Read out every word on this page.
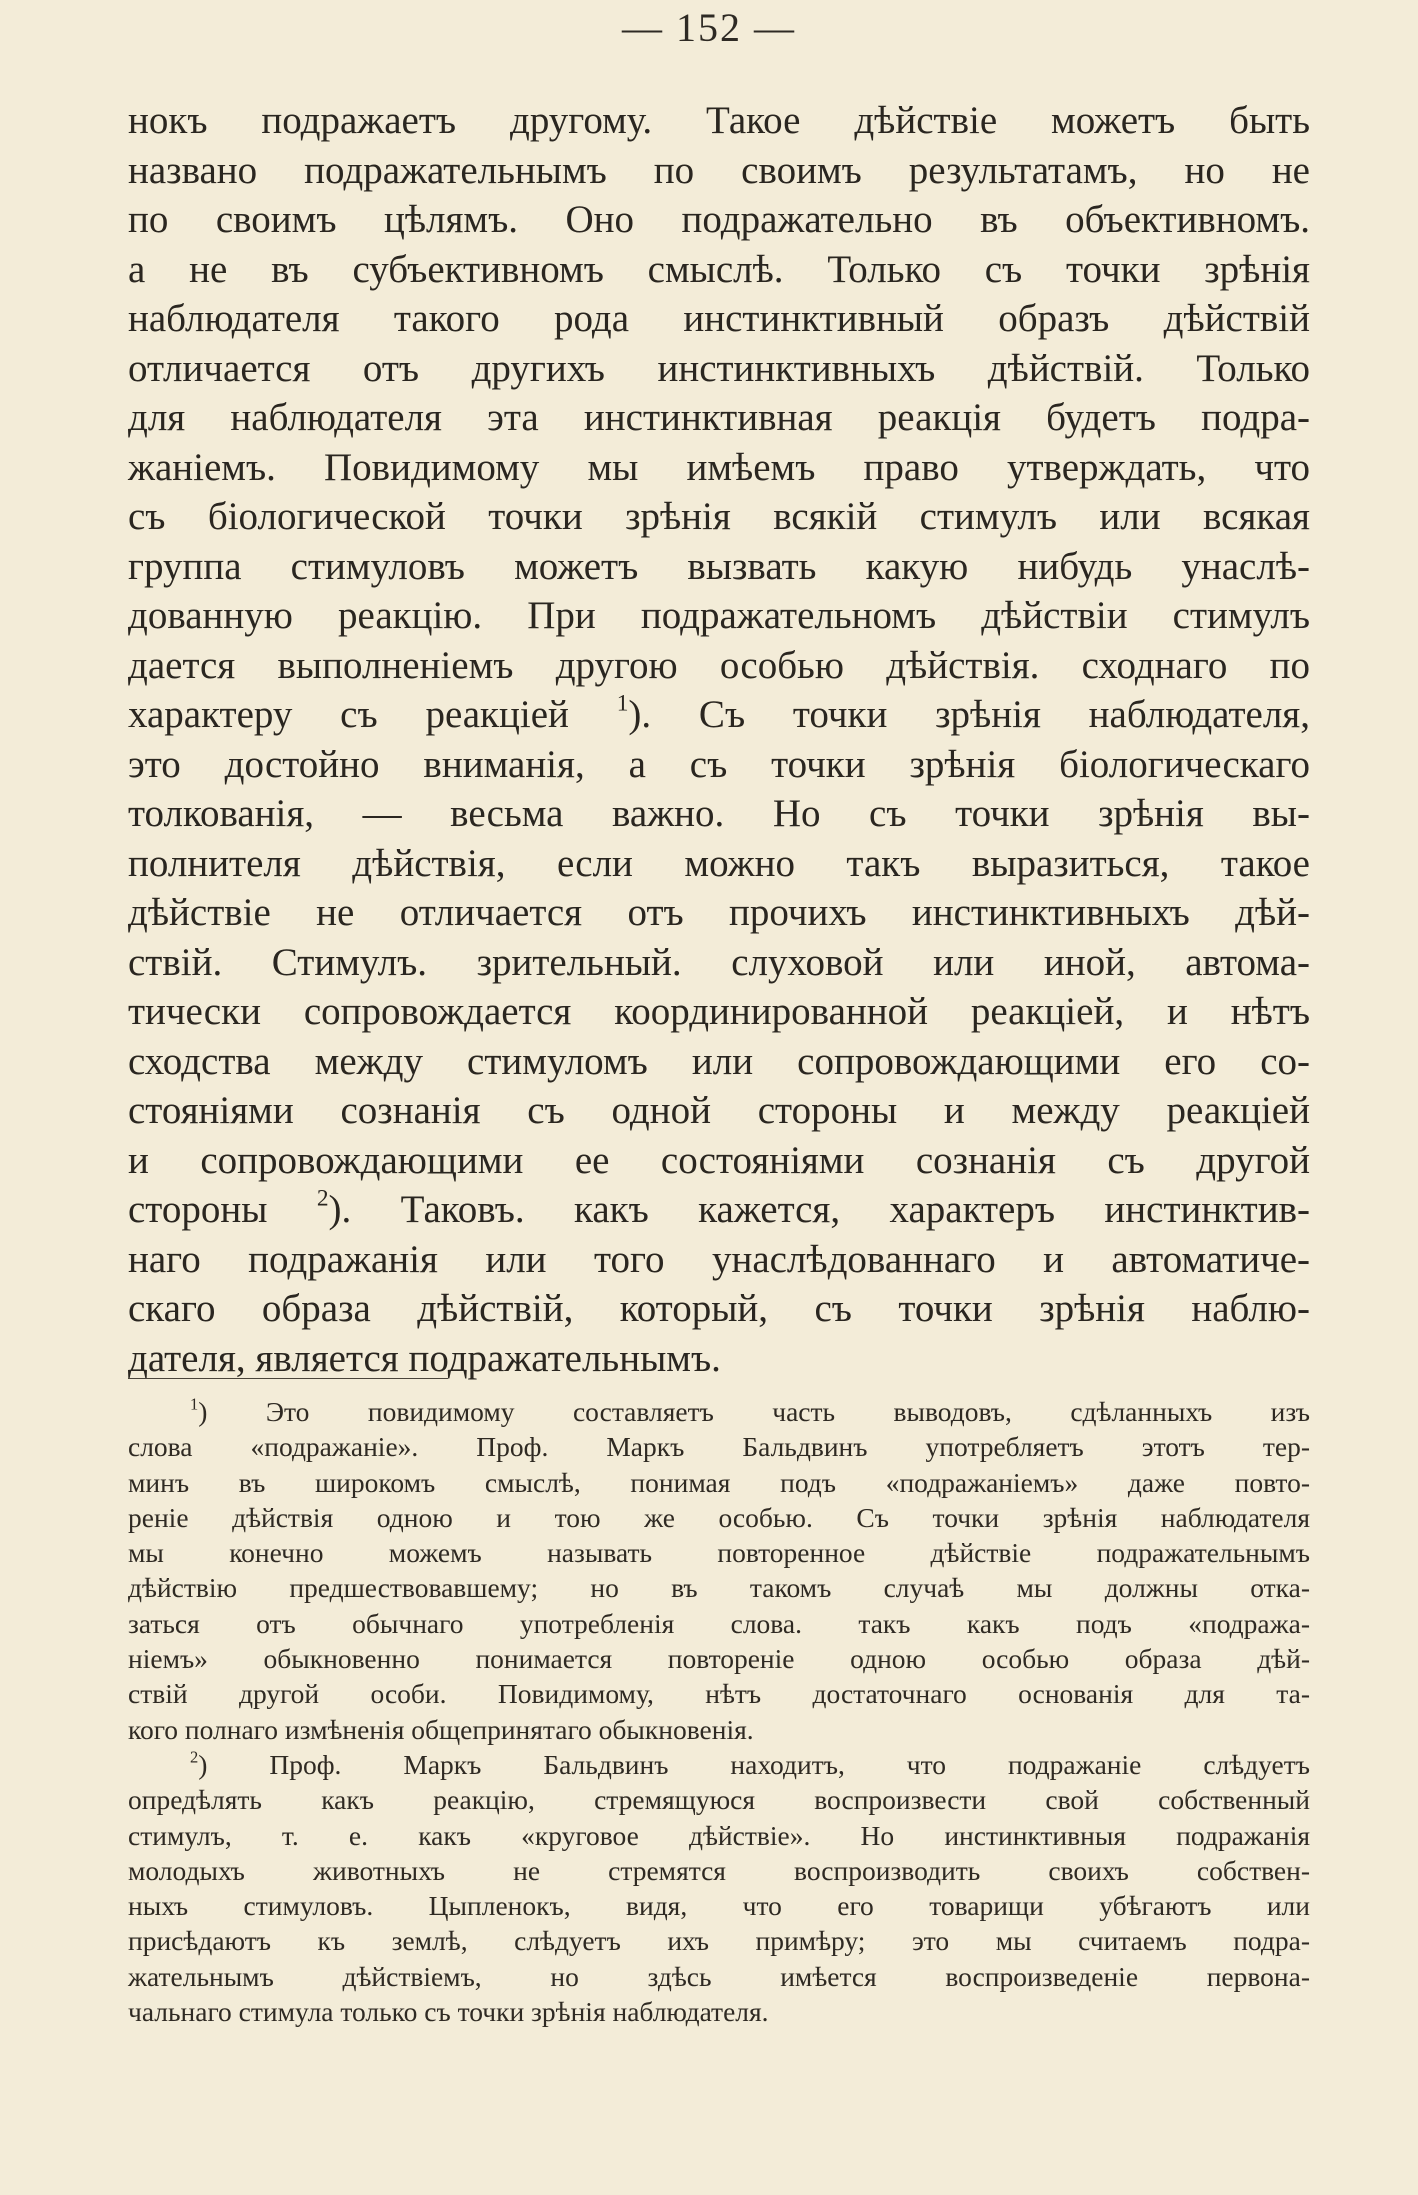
— 152 —
нокъ подражаетъ другому. Такое дѣйствіе можетъ быть
названо подражательнымъ по своимъ результатамъ, но не
по своимъ цѣлямъ. Оно подражательно въ объективномъ.
а не въ субъективномъ смыслѣ. Только съ точки зрѣнія
наблюдателя такого рода инстинктивный образъ дѣйствій
отличается отъ другихъ инстинктивныхъ дѣйствій. Только
для наблюдателя эта инстинктивная реакція будетъ подра-
жаніемъ. Повидимому мы имѣемъ право утверждать, что
съ біологической точки зрѣнія всякій стимулъ или всякая
группа стимуловъ можетъ вызвать какую нибудь унаслѣ-
дованную реакцію. При подражательномъ дѣйствіи стимулъ
дается выполненіемъ другою особью дѣйствія. сходнаго по
характеру съ реакціей $^1$). Съ точки зрѣнія наблюдателя,
это достойно вниманія, а съ точки зрѣнія біологическаго
толкованія, — весьма важно. Но съ точки зрѣнія вы-
полнителя дѣйствія, если можно такъ выразиться, такое
дѣйствіе не отличается отъ прочихъ инстинктивныхъ дѣй-
ствій. Стимулъ. зрительный. слуховой или иной, автома-
тически сопровождается координированной реакціей, и нѣтъ
сходства между стимуломъ или сопровождающими его со-
стояніями сознанія съ одной стороны и между реакціей
и сопровождающими ее состояніями сознанія съ другой
стороны $^2$). Таковъ. какъ кажется, характеръ инстинктив-
наго подражанія или того унаслѣдованнаго и автоматиче-
скаго образа дѣйствій, который, съ точки зрѣнія наблю-
дателя, является подражательнымъ.
$^1$) Это повидимому составляетъ часть выводовъ, сдѣланныхъ изъ
слова «подражаніе». Проф. Маркъ Бальдвинъ употребляетъ этотъ тер-
минъ въ широкомъ смыслѣ, понимая подъ «подражаніемъ» даже повто-
реніе дѣйствія одною и тою же особью. Съ точки зрѣнія наблюдателя
мы конечно можемъ называть повторенное дѣйствіе подражательнымъ
дѣйствію предшествовавшему; но въ такомъ случаѣ мы должны отка-
заться отъ обычнаго употребленія слова. такъ какъ подъ «подража-
ніемъ» обыкновенно понимается повтореніе одною особью образа дѣй-
ствій другой особи. Повидимому, нѣтъ достаточнаго основанія для та-
кого полнаго измѣненія общепринятаго обыкновенія.
$^2$) Проф. Маркъ Бальдвинъ находитъ, что подражаніе слѣдуетъ
опредѣлять какъ реакцію, стремящуюся воспроизвести свой собственный
стимулъ, т. е. какъ «круговое дѣйствіе». Но инстинктивныя подражанія
молодыхъ животныхъ не стремятся воспроизводить своихъ собствен-
ныхъ стимуловъ. Цыпленокъ, видя, что его товарищи убѣгаютъ или
присѣдаютъ къ землѣ, слѣдуетъ ихъ примѣру; это мы считаемъ подра-
жательнымъ дѣйствіемъ, но здѣсь имѣется воспроизведеніе первона-
чальнаго стимула только съ точки зрѣнія наблюдателя.
